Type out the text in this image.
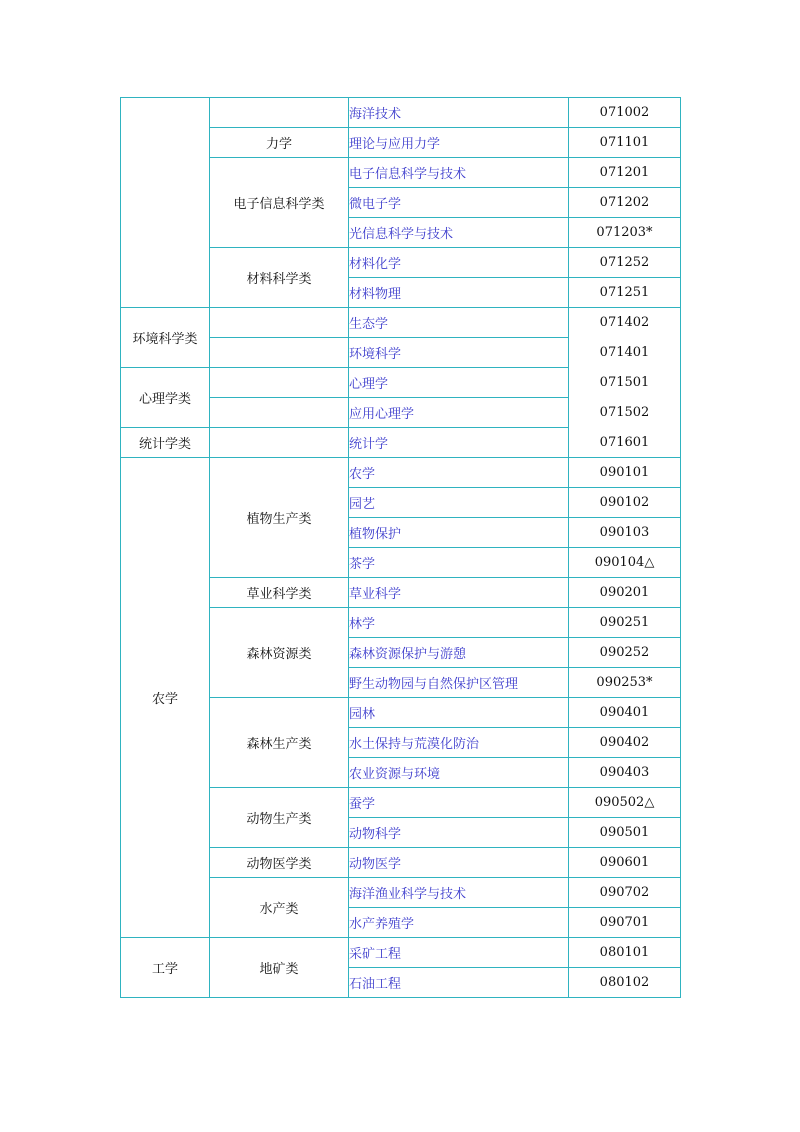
		海洋技术	071002
	力学	理论与应用力学	071101
	电子信息科学类	电子信息科学与技术	071201
		微电子学	071202
		光信息科学与技术	071203*
	材料科学类	材料化学	071252
		材料物理	071251
环境科学类		生态学	071402
		环境科学	071401
心理学类		心理学	071501
		应用心理学	071502
统计学类		统计学	071601
农学	植物生产类	农学	090101
		园艺	090102
		植物保护	090103
		茶学	090104△
	草业科学类	草业科学	090201
	森林资源类	林学	090251
		森林资源保护与游憩	090252
		野生动物园与自然保护区管理	090253*
	森林生产类	园林	090401
		水土保持与荒漠化防治	090402
		农业资源与环境	090403
	动物生产类	蚕学	090502△
		动物科学	090501
	动物医学类	动物医学	090601
	水产类	海洋渔业科学与技术	090702
		水产养殖学	090701
工学	地矿类	采矿工程	080101
		石油工程	080102
